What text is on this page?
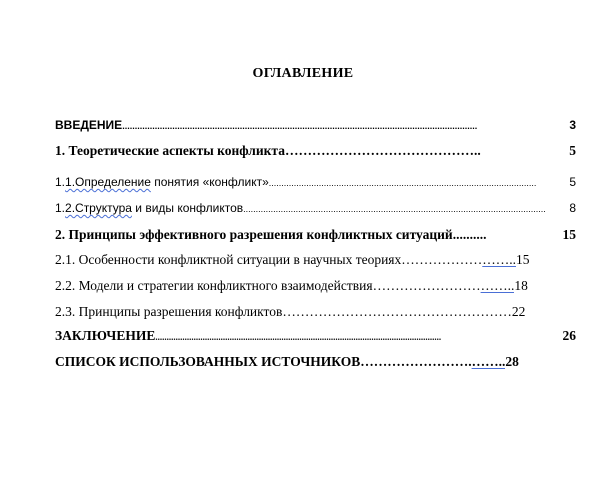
ОГЛАВЛЕНИЕ
ВВЕДЕНИЕ ..............................................................................................................................................	3
1. Теоретические аспекты конфликта ……………………………………..	5
1.1.Определение понятия «конфликт» ...........................................................................................................	5
1.2.Структура и виды конфликтов .........................................................................................................................	8
2. Принципы эффективного разрешения конфликтных ситуаций ..........	15
2.1. Особенности конфликтной ситуации в научных теориях …………………….. 15
2.2. Модели и стратегии конфликтного взаимодействия ………………………….. 18
2.3. Принципы разрешения конфликтов …………………………………………… 22
ЗАКЛЮЧЕНИЕ ...............................................................................................................................	26
СПИСОК ИСПОЛЬЗОВАННЫХ ИСТОЧНИКОВ …………………….…….. 28
